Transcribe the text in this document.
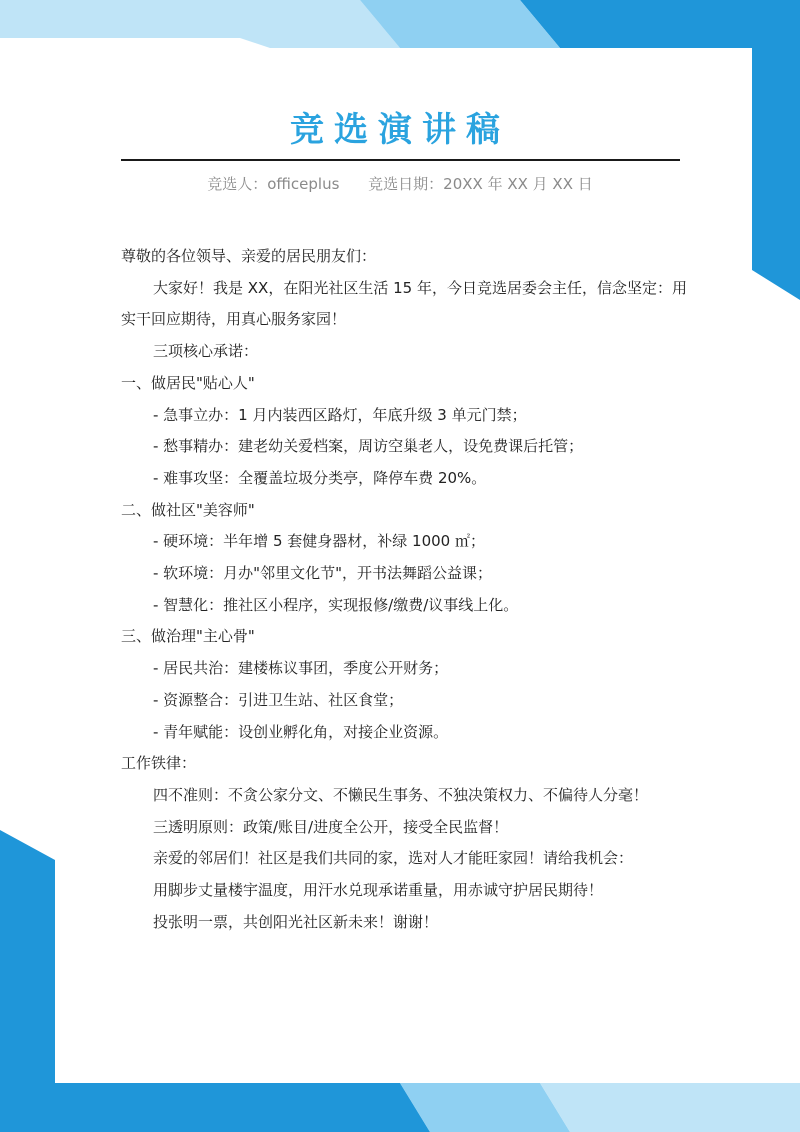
竞选演讲稿
竞选人：officeplus 竞选日期：20XX 年 XX 月 XX 日

尊敬的各位领导、亲爱的居民朋友们：

大家好！我是 XX，在阳光社区生活 15 年，今日竞选居委会主任，信念坚定：用实干回应期待，用真心服务家园！

三项核心承诺：

一、做居民"贴心人"

- 急事立办：1 月内装西区路灯，年底升级 3 单元门禁；

- 愁事精办：建老幼关爱档案，周访空巢老人，设免费课后托管；

- 难事攻坚：全覆盖垃圾分类亭，降停车费 20%。

二、做社区"美容师"

- 硬环境：半年增 5 套健身器材，补绿 1000 ㎡；

- 软环境：月办"邻里文化节"，开书法舞蹈公益课；

- 智慧化：推社区小程序，实现报修/缴费/议事线上化。

三、做治理"主心骨"

- 居民共治：建楼栋议事团，季度公开财务；

- 资源整合：引进卫生站、社区食堂；

- 青年赋能：设创业孵化角，对接企业资源。

工作铁律：

四不准则：不贪公家分文、不懒民生事务、不独决策权力、不偏待人分毫！

三透明原则：政策/账目/进度全公开，接受全民监督！

亲爱的邻居们！社区是我们共同的家，选对人才能旺家园！请给我机会：

用脚步丈量楼宇温度，用汗水兑现承诺重量，用赤诚守护居民期待！

投张明一票，共创阳光社区新未来！谢谢！
